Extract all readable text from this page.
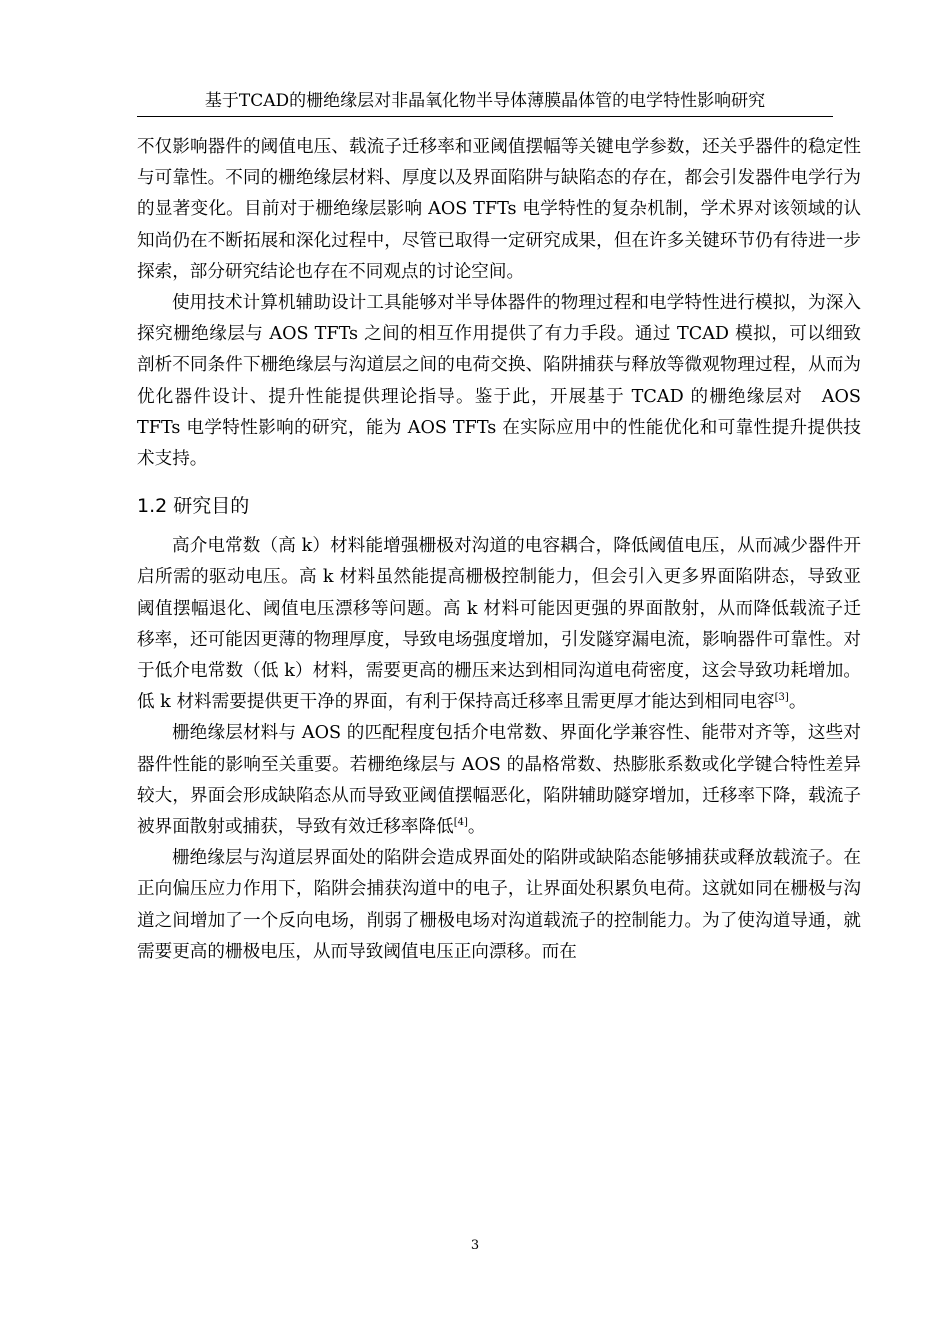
基于TCAD的栅绝缘层对非晶氧化物半导体薄膜晶体管的电学特性影响研究

不仅影响器件的阈值电压、载流子迁移率和亚阈值摆幅等关键电学参数，还关乎器件的稳定性与可靠性。不同的栅绝缘层材料、厚度以及界面陷阱与缺陷态的存在，都会引发器件电学行为的显著变化。目前对于栅绝缘层影响 AOS TFTs 电学特性的复杂机制，学术界对该领域的认知尚仍在不断拓展和深化过程中，尽管已取得一定研究成果，但在许多关键环节仍有待进一步探索，部分研究结论也存在不同观点的讨论空间。

使用技术计算机辅助设计工具能够对半导体器件的物理过程和电学特性进行模拟，为深入探究栅绝缘层与 AOS TFTs 之间的相互作用提供了有力手段。通过 TCAD 模拟，可以细致剖析不同条件下栅绝缘层与沟道层之间的电荷交换、陷阱捕获与释放等微观物理过程，从而为优化器件设计、提升性能提供理论指导。鉴于此，开展基于 TCAD 的栅绝缘层对　AOS TFTs 电学特性影响的研究，能为 AOS TFTs 在实际应用中的性能优化和可靠性提升提供技术支持。

1.2 研究目的

高介电常数（高 k）材料能增强栅极对沟道的电容耦合，降低阈值电压，从而减少器件开启所需的驱动电压。高 k 材料虽然能提高栅极控制能力，但会引入更多界面陷阱态，导致亚阈值摆幅退化、阈值电压漂移等问题。高 k 材料可能因更强的界面散射，从而降低载流子迁移率，还可能因更薄的物理厚度，导致电场强度增加，引发隧穿漏电流，影响器件可靠性。对于低介电常数（低 k）材料，需要更高的栅压来达到相同沟道电荷密度，这会导致功耗增加。低 k 材料需要提供更干净的界面，有利于保持高迁移率且需更厚才能达到相同电容[3]。

栅绝缘层材料与 AOS 的匹配程度包括介电常数、界面化学兼容性、能带对齐等，这些对器件性能的影响至关重要。若栅绝缘层与 AOS 的晶格常数、热膨胀系数或化学键合特性差异较大，界面会形成缺陷态从而导致亚阈值摆幅恶化，陷阱辅助隧穿增加，迁移率下降，载流子被界面散射或捕获，导致有效迁移率降低[4]。

栅绝缘层与沟道层界面处的陷阱会造成界面处的陷阱或缺陷态能够捕获或释放载流子。在正向偏压应力作用下，陷阱会捕获沟道中的电子，让界面处积累负电荷。这就如同在栅极与沟道之间增加了一个反向电场，削弱了栅极电场对沟道载流子的控制能力。为了使沟道导通，就需要更高的栅极电压，从而导致阈值电压正向漂移。而在

3
